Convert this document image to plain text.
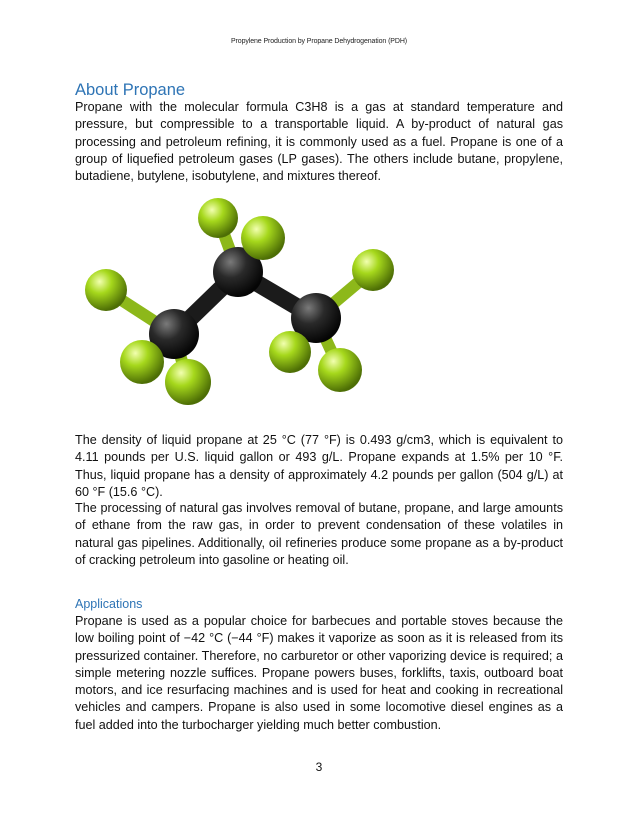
Propylene Production by Propane Dehydrogenation (PDH)
About Propane

Propane with the molecular formula C3H8 is a gas at standard temperature and pressure, but compressible to a transportable liquid. A by-product of natural gas processing and petroleum refining, it is commonly used as a fuel. Propane is one of a group of liquefied petroleum gases (LP gases). The others include butane, propylene, butadiene, butylene, isobutylene, and mixtures thereof.

The density of liquid propane at 25 °C (77 °F) is 0.493 g/cm3, which is equivalent to 4.11 pounds per U.S. liquid gallon or 493 g/L. Propane expands at 1.5% per 10 °F. Thus, liquid propane has a density of approximately 4.2 pounds per gallon (504 g/L) at 60 °F (15.6 °C).

The processing of natural gas involves removal of butane, propane, and large amounts of ethane from the raw gas, in order to prevent condensation of these volatiles in natural gas pipelines. Additionally, oil refineries produce some propane as a by-product of cracking petroleum into gasoline or heating oil.

Applications

Propane is used as a popular choice for barbecues and portable stoves because the low boiling point of −42 °C (−44 °F) makes it vaporize as soon as it is released from its pressurized container. Therefore, no carburetor or other vaporizing device is required; a simple metering nozzle suffices. Propane powers buses, forklifts, taxis, outboard boat motors, and ice resurfacing machines and is used for heat and cooking in recreational vehicles and campers. Propane is also used in some locomotive diesel engines as a fuel added into the turbocharger yielding much better combustion.

3
